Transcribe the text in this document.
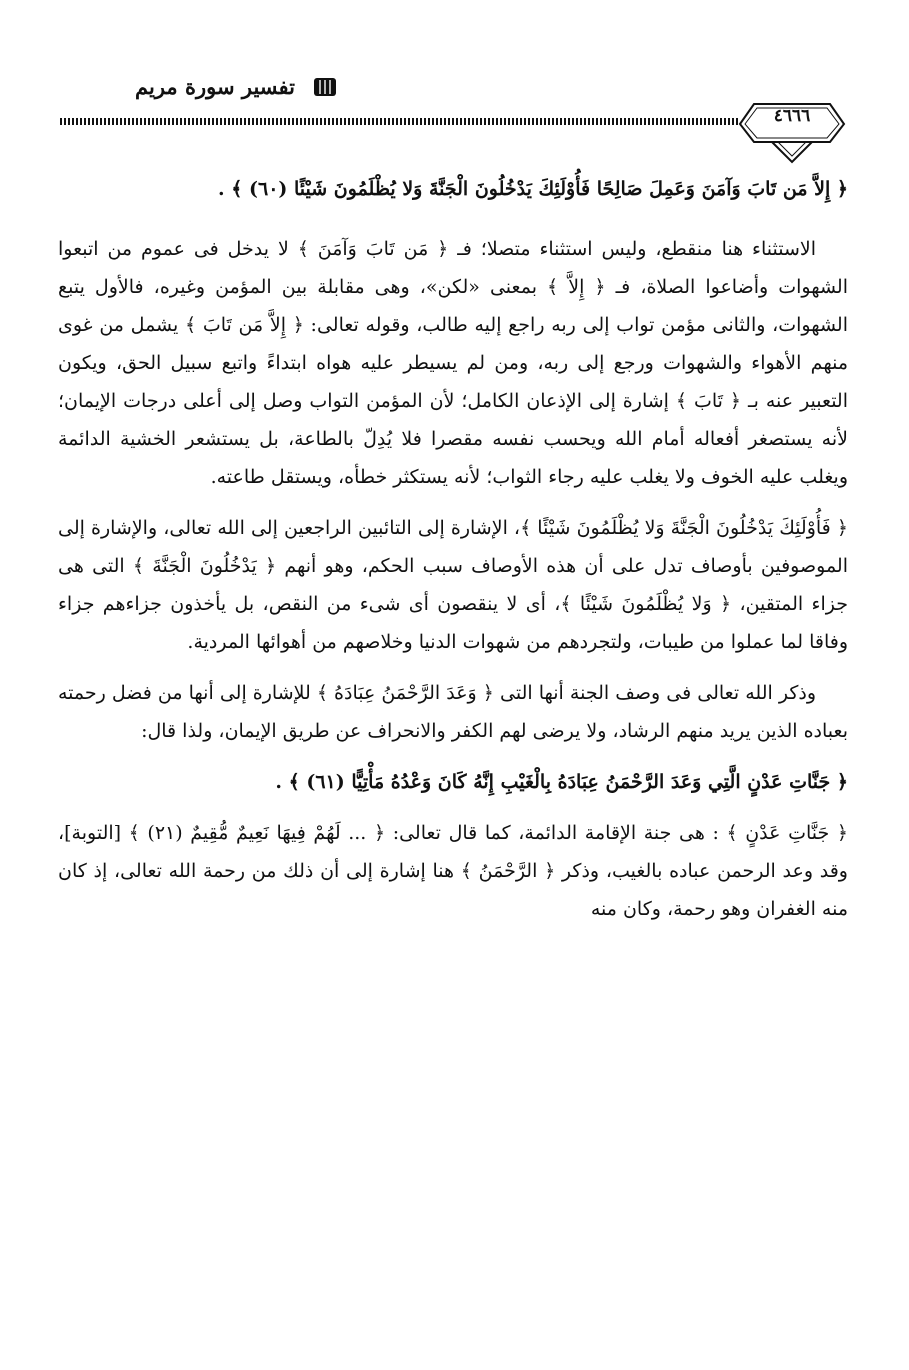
تفسير سورة مريم
٤٦٦٦

﴿ إِلاَّ مَن تَابَ وَآمَنَ وَعَمِلَ صَالِحًا فَأُوْلَئِكَ يَدْخُلُونَ الْجَنَّةَ وَلا يُظْلَمُونَ شَيْئًا (٦٠) ﴾ .

الاستثناء هنا منقطع، وليس استثناء متصلا؛ فـ ﴿ مَن تَابَ وَآمَنَ ﴾ لا يدخل فى عموم من اتبعوا الشهوات وأضاعوا الصلاة، فـ ﴿ إِلاَّ ﴾ بمعنى «لكن»، وهى مقابلة بين المؤمن وغيره، فالأول يتبع الشهوات، والثانى مؤمن تواب إلى ربه راجع إليه طالب، وقوله تعالى: ﴿ إِلاَّ مَن تَابَ ﴾ يشمل من غوى منهم الأهواء والشهوات ورجع إلى ربه، ومن لم يسيطر عليه هواه ابتداءً واتبع سبيل الحق، ويكون التعبير عنه بـ ﴿ تَابَ ﴾ إشارة إلى الإذعان الكامل؛ لأن المؤمن التواب وصل إلى أعلى درجات الإيمان؛ لأنه يستصغر أفعاله أمام الله ويحسب نفسه مقصرا فلا يُدِلّ بالطاعة، بل يستشعر الخشية الدائمة ويغلب عليه الخوف ولا يغلب عليه رجاء الثواب؛ لأنه يستكثر خطأه، ويستقل طاعته.

﴿ فَأُوْلَئِكَ يَدْخُلُونَ الْجَنَّةَ وَلا يُظْلَمُونَ شَيْئًا ﴾، الإشارة إلى التائبين الراجعين إلى الله تعالى، والإشارة إلى الموصوفين بأوصاف تدل على أن هذه الأوصاف سبب الحكم، وهو أنهم ﴿ يَدْخُلُونَ الْجَنَّةَ ﴾ التى هى جزاء المتقين، ﴿ وَلا يُظْلَمُونَ شَيْئًا ﴾، أى لا ينقصون أى شىء من النقص، بل يأخذون جزاءهم جزاء وفاقا لما عملوا من طيبات، ولتجردهم من شهوات الدنيا وخلاصهم من أهوائها المردية.

وذكر الله تعالى فى وصف الجنة أنها التى ﴿ وَعَدَ الرَّحْمَنُ عِبَادَهُ ﴾ للإشارة إلى أنها من فضل رحمته بعباده الذين يريد منهم الرشاد، ولا يرضى لهم الكفر والانحراف عن طريق الإيمان، ولذا قال:

﴿ جَنَّاتِ عَدْنٍ الَّتِي وَعَدَ الرَّحْمَنُ عِبَادَهُ بِالْغَيْبِ إِنَّهُ كَانَ وَعْدُهُ مَأْتِيًّا (٦١) ﴾ .

﴿ جَنَّاتِ عَدْنٍ ﴾ : هى جنة الإقامة الدائمة، كما قال تعالى: ﴿ ... لَهُمْ فِيهَا نَعِيمٌ مُّقِيمٌ (٢١) ﴾ [التوبة]، وقد وعد الرحمن عباده بالغيب، وذكر ﴿ الرَّحْمَنُ ﴾ هنا إشارة إلى أن ذلك من رحمة الله تعالى، إذ كان منه الغفران وهو رحمة، وكان منه
